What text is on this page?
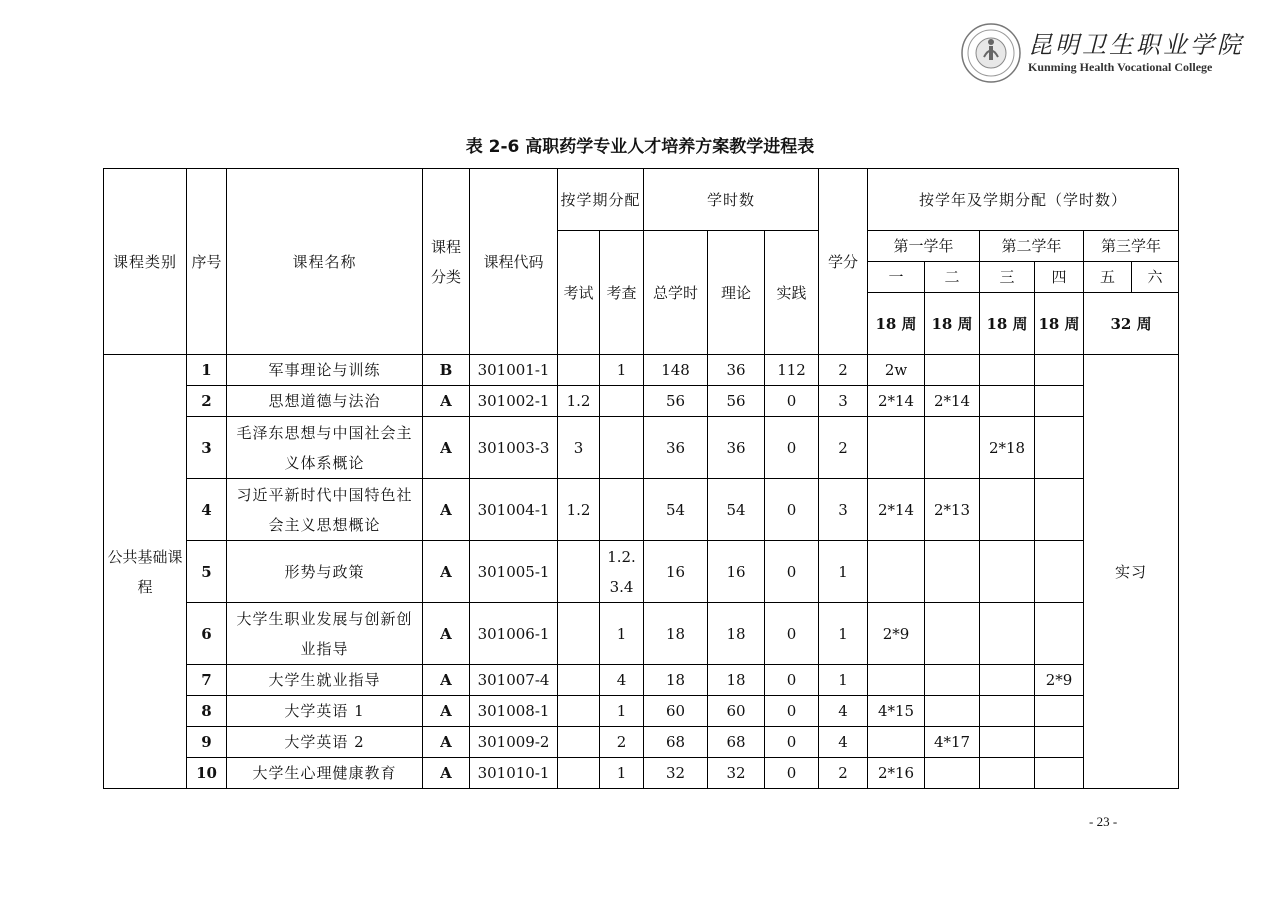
昆明卫生职业学院
Kunming Health Vocational College
表 2-6 高职药学专业人才培养方案教学进程表
课程类别	序号	课程名称	课程分类	课程代码	按学期分配		学时数			学分	按学年及学期分配（学时数）					
					考试	考查	总学时	理论	实践		第一学年		第二学年		第三学年	
											一	二	三	四	五	六
											18 周	18 周	18 周	18 周	32 周	
公共基础课程	1	军事理论与训练	B	301001-1		1	148	36	112	2	2w				实习	
	2	思想道德与法治	A	301002-1	1.2		56	56	0	3	2*14	2*14				
	3	毛泽东思想与中国社会主义体系概论	A	301003-3	3		36	36	0	2			2*18			
	4	习近平新时代中国特色社会主义思想概论	A	301004-1	1.2		54	54	0	3	2*14	2*13				
	5	形势与政策	A	301005-1		1.2.3.4	16	16	0	1						
	6	大学生职业发展与创新创业指导	A	301006-1		1	18	18	0	1	2*9					
	7	大学生就业指导	A	301007-4		4	18	18	0	1				2*9		
	8	大学英语 1	A	301008-1		1	60	60	0	4	4*15					
	9	大学英语 2	A	301009-2		2	68	68	0	4		4*17				
	10	大学生心理健康教育	A	301010-1		1	32	32	0	2	2*16					
- 23 -
